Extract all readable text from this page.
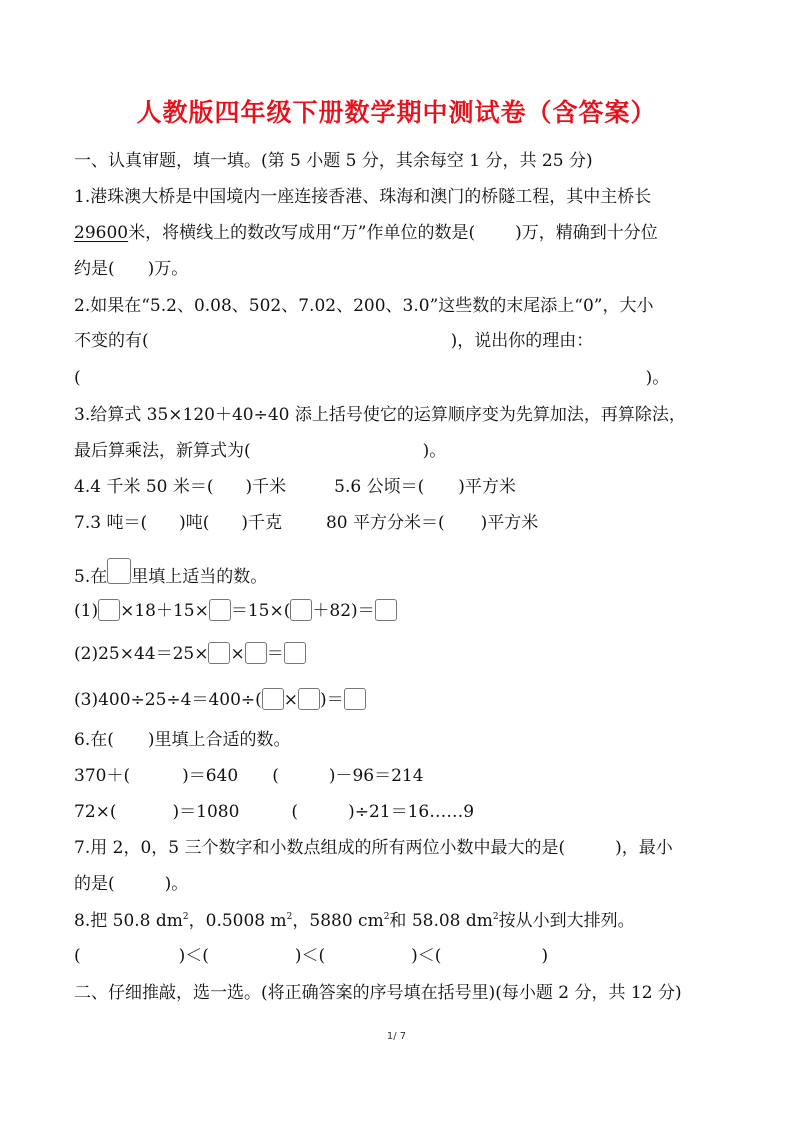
人教版四年级下册数学期中测试卷（含答案）
一、认真审题，填一填。(第 5 小题 5 分，其余每空 1 分，共 25 分)
1.港珠澳大桥是中国境内一座连接香港、珠海和澳门的桥隧工程，其中主桥长
29600米，将横线上的数改写成用“万”作单位的数是( )万，精确到十分位
约是( )万。
2.如果在“5.2、0.08、502、7.02、200、3.0”这些数的末尾添上“0”，大小
不变的有(	)，说出你的理由：
(	)。
3.给算式 35×120＋40÷40 添上括号使它的运算顺序变为先算加法，再算除法，
最后算乘法，新算式为(	)。
4.4 千米 50 米＝( )千米	5.6 公顷＝( )平方米
7.3 吨＝( )吨( )千克	80 平方分米＝( )平方米
5.在 里填上适当的数。
(1) ×18＋15× ＝15×( ＋82)＝
(2)25×44＝25× × ＝
(3)400÷25÷4＝400÷( × )＝
6.在(　　)里填上合适的数。
370＋(	)＝640 (	)－96＝214
72×(	)＝1080	(	)÷21＝16……9
7.用 2，0，5 三个数字和小数点组成的所有两位小数中最大的是(	)，最小
的是(	)。
8.把 50.8 $dm^2$，0.5008 $m^2$，5880 $cm^2$和 58.08 $dm^2$按从小到大排列。
(	)＜(	)＜(	)＜(	)
二、仔细推敲，选一选。(将正确答案的序号填在括号里)(每小题 2 分，共 12 分)
1/ 7
